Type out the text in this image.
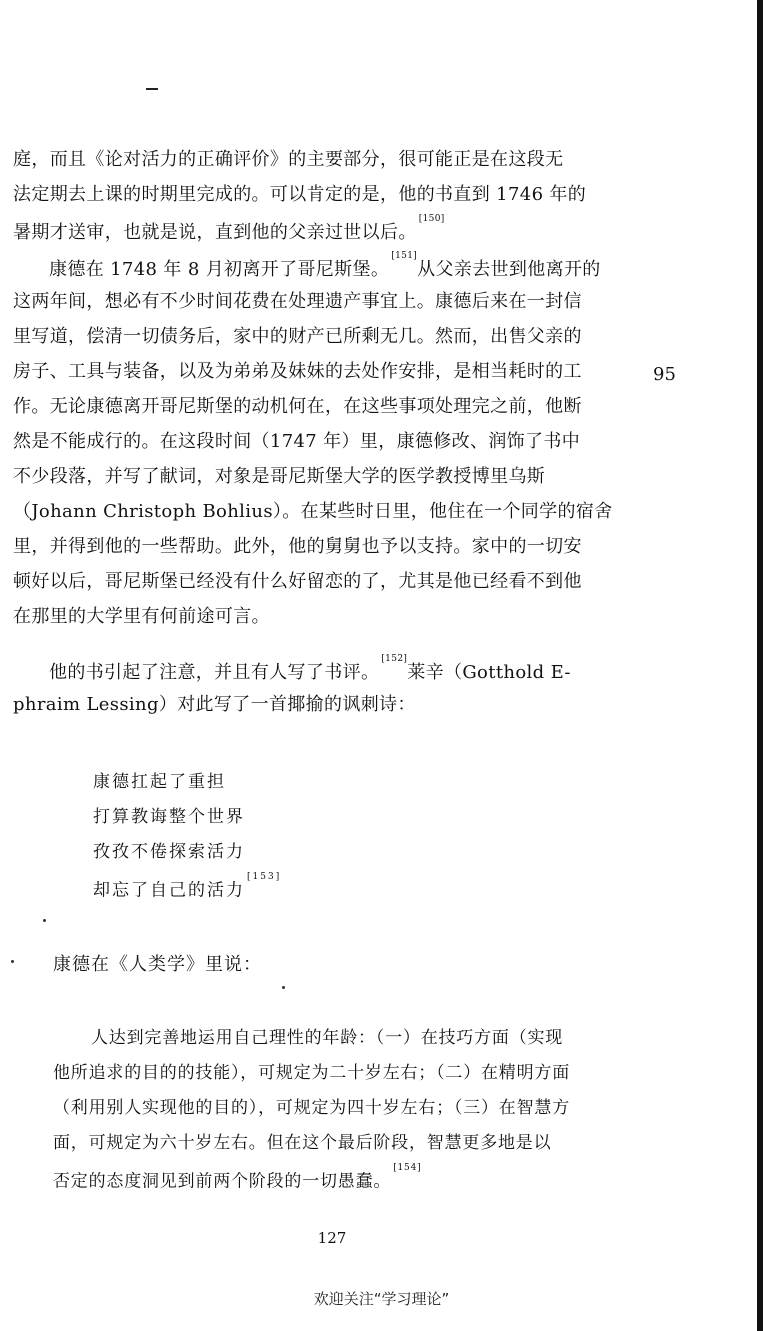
庭，而且《论对活力的正确评价》的主要部分，很可能正是在这段无
法定期去上课的时期里完成的。可以肯定的是，他的书直到 1746 年的
暑期才送审，也就是说，直到他的父亲过世以后。[150]
95
康德在 1748 年 8 月初离开了哥尼斯堡。[151]从父亲去世到他离开的
这两年间，想必有不少时间花费在处理遗产事宜上。康德后来在一封信
里写道，偿清一切债务后，家中的财产已所剩无几。然而，出售父亲的
房子、工具与装备，以及为弟弟及妹妹的去处作安排，是相当耗时的工
作。无论康德离开哥尼斯堡的动机何在，在这些事项处理完之前，他断
然是不能成行的。在这段时间（1747 年）里，康德修改、润饰了书中
不少段落，并写了献词，对象是哥尼斯堡大学的医学教授博里乌斯
（Johann Christoph Bohlius）。在某些时日里，他住在一个同学的宿舍
里，并得到他的一些帮助。此外，他的舅舅也予以支持。家中的一切安
顿好以后，哥尼斯堡已经没有什么好留恋的了，尤其是他已经看不到他
在那里的大学里有何前途可言。
他的书引起了注意，并且有人写了书评。[152]莱辛（Gotthold E-
phraim Lessing）对此写了一首揶揄的讽刺诗：
康德扛起了重担
打算教诲整个世界
孜孜不倦探索活力
却忘了自己的活力[153]
康德在《人类学》里说：
人达到完善地运用自己理性的年龄：（一）在技巧方面（实现
他所追求的目的的技能），可规定为二十岁左右；（二）在精明方面
（利用别人实现他的目的），可规定为四十岁左右；（三）在智慧方
面，可规定为六十岁左右。但在这个最后阶段，智慧更多地是以
否定的态度洞见到前两个阶段的一切愚蠢。[154]
127
欢迎关注“学习理论”
